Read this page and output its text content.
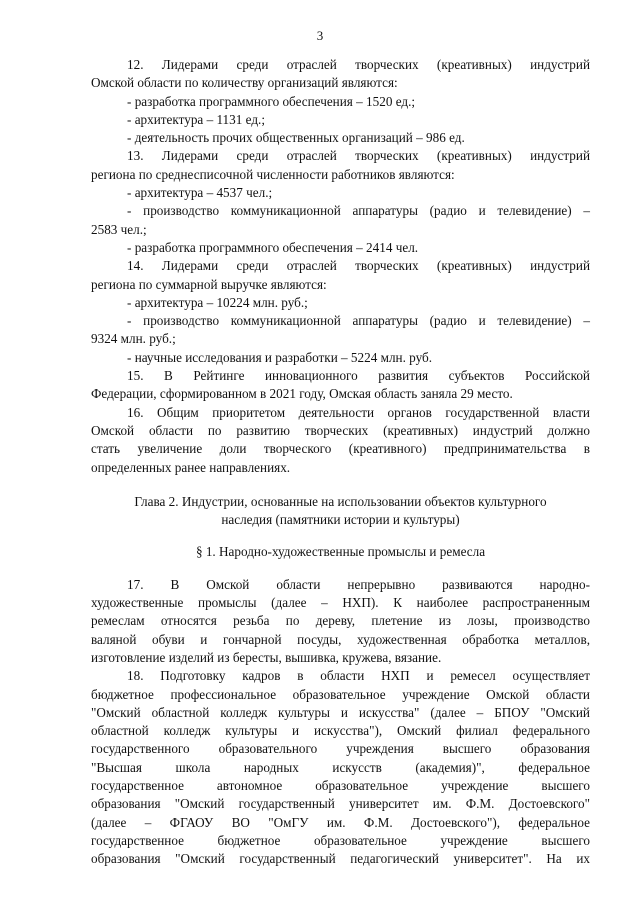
3

12. Лидерами среди отраслей творческих (креативных) индустрий

Омской области по количеству организаций являются:

- разработка программного обеспечения – 1520 ед.;

- архитектура – 1131 ед.;

- деятельность прочих общественных организаций – 986 ед.

13. Лидерами среди отраслей творческих (креативных) индустрий

региона по среднесписочной численности работников являются:

- архитектура – 4537 чел.;

- производство коммуникационной аппаратуры (радио и телевидение) –

2583 чел.;

- разработка программного обеспечения – 2414 чел.

14. Лидерами среди отраслей творческих (креативных) индустрий

региона по суммарной выручке являются:

- архитектура – 10224 млн. руб.;

- производство коммуникационной аппаратуры (радио и телевидение) –

9324 млн. руб.;

- научные исследования и разработки – 5224 млн. руб.

15. В Рейтинге инновационного развития субъектов Российской

Федерации, сформированном в 2021 году, Омская область заняла 29 место.

16. Общим приоритетом деятельности органов государственной власти

Омской области по развитию творческих (креативных) индустрий должно

стать увеличение доли творческого (креативного) предпринимательства в

определенных ранее направлениях.

Глава 2. Индустрии, основанные на использовании объектов культурного

наследия (памятники истории и культуры)

§ 1. Народно-художественные промыслы и ремесла

17. В Омской области непрерывно развиваются народно-

художественные промыслы (далее – НХП). К наиболее распространенным

ремеслам относятся резьба по дереву, плетение из лозы, производство

валяной обуви и гончарной посуды, художественная обработка металлов,

изготовление изделий из бересты, вышивка, кружева, вязание.

18. Подготовку кадров в области НХП и ремесел осуществляет

бюджетное профессиональное образовательное учреждение Омской области

"Омский областной колледж культуры и искусства" (далее – БПОУ "Омский

областной колледж культуры и искусства"), Омский филиал федерального

государственного образовательного учреждения высшего образования

"Высшая школа народных искусств (академия)", федеральное

государственное автономное образовательное учреждение высшего

образования "Омский государственный университет им. Ф.М. Достоевского"

(далее – ФГАОУ ВО "ОмГУ им. Ф.М. Достоевского"), федеральное

государственное бюджетное образовательное учреждение высшего

образования "Омский государственный педагогический университет". На их
